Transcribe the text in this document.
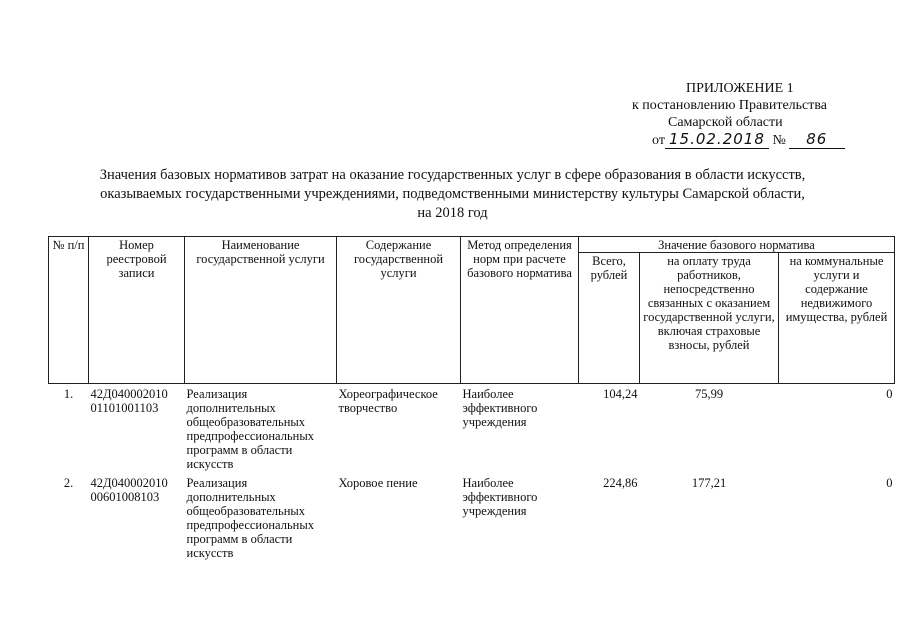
ПРИЛОЖЕНИЕ 1
к постановлению Правительства
Самарской области
от 15.02.2018 № 86
Значения базовых нормативов затрат на оказание государственных услуг в сфере образования в области искусств,
оказываемых государственными учреждениями, подведомственными министерству культуры Самарской области,
на 2018 год
№ п/п	Номер реестровой записи	Наименование государственной услуги	Содержание государственной услуги	Метод определения норм при расчете базового норматива	Значение базового норматива		
					Всего, рублей	на оплату труда работников, непосредственно связанных с оказанием государственной услуги, включая страховые взносы, рублей	на коммунальные услуги и содержание недвижимого имущества, рублей
1.	42Д040002010 01101001103	Реализация дополнительных общеобразовательных предпрофессиональных программ в области искусств	Хореографическое творчество	Наиболее эффективного учреждения	104,24	75,99	0
2.	42Д040002010 00601008103	Реализация дополнительных общеобразовательных предпрофессиональных программ в области искусств	Хоровое пение	Наиболее эффективного учреждения	224,86	177,21	0
